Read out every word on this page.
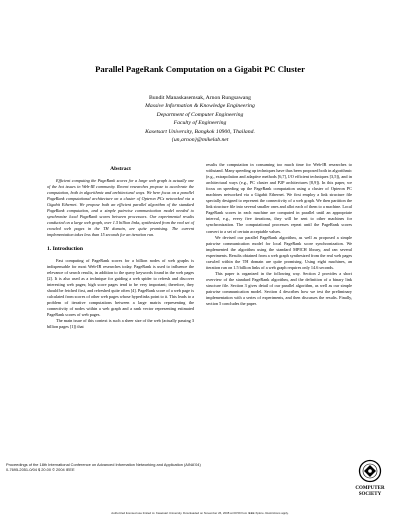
Parallel PageRank Computation on a Gigabit PC Cluster
Bundit Manaskasemsak, Arnon Rungsawang
Massive Information & Knowledge Engineering
Department of Computer Engineering
Faculty of Engineering
Kasetsart University, Bangkok 10900, Thailand.
{un,arnon}@mikelab.net
Abstract

Efficient computing the PageRank scores for a large web graph is actually one of the hot issues in Web-IR community. Recent researches propose to accelerate the computation, both in algorithmic and architectural ways. We here focus on a parallel PageRank computational architecture on a cluster of Opteron PCs networked via a Gigabit Ethernet. We propose both an efficient parallel algorithm of the standard PageRank computation, and a simple pairwise communication model needed to synchronize local PageRank scores between processors. Our experimental results conducted on a large web graph, over 1.5 billion links, synthesized from the real set of crawled web pages in the TH domain, are quite promising. The current implementation takes less than 15 seconds for an iteration run.

1. Introduction

Fast computing of PageRank scores for a billion nodes of web graphs is indispensable for most Web-IR researches today. PageRank is used to influence the relevance of search results, in addition to the query keywords found in the web pages [2]. It is also used as a technique for guiding a web spider to refresh and discover interesting web pages; high score pages tend to be very important; therefore, they should be fetched first, and refreshed quite often [4]. PageRank score of a web page is calculated from scores of other web pages whose hyperlinks point to it. This leads to a problem of iterative computations between a large matrix representing the connectivity of nodes within a web graph and a rank vector representing estimated PageRank scores of web pages.

The main issue of this context is such a sheer size of the web (actually passing 3 billion pages [1]) that

results the computation in consuming too much time for Web-IR researches to withstand. Many speeding up techniques have thus been proposed both in algorithmic (e.g., extrapolation and adaptive methods [6,7], I/O efficient techniques [3,5]), and in architectural ways (e.g., PC cluster and P2P architectures [8,9]). In this paper, we focus on speeding up the PageRank computation using a cluster of Opteron PC machines networked via a Gigabit Ethernet. We first employ a link structure file specially designed to represent the connectivity of a web graph. We then partition the link structure file into several smaller ones and allot each of them to a machine. Local PageRank scores in each machine are computed in parallel until an appropriate interval, e.g., every five iterations, they will be sent to other machines for synchronization. The computational processes repeat until the PageRank scores convert to a set of certain acceptable values.

We devised our parallel PageRank algorithm, as well as proposed a simple pairwise communication model for local PageRank score synchronization. We implemented the algorithm using the standard MPICH library, and ran several experiments. Results obtained from a web graph synthesized from the real web pages crawled within the TH domain are quite promising. Using eight machines, an iteration run on 1.5 billion links of a web graph requires only 14.6 seconds.

This paper is organized in the following way. Section 2 provides a short overview of the standard PageRank algorithm, and the definition of a binary link structure file. Section 3 gives detail of our parallel algorithm, as well as our simple pairwise communication model. Section 4 describes how we test the preliminary implementation with a series of experiments, and then discusses the results. Finally, section 5 concludes the paper.

Proceedings of the 18th International Conference on Advanced Information Networking and Application (AINA'04)
0-7695-2051-0/04 $ 20.00 © 2004 IEEE
COMPUTER
SOCIETY
Authorized licensed use limited to: Kasetsart University. Downloaded on November 26, 2008 at 00:59 from IEEE Xplore. Restrictions apply.
